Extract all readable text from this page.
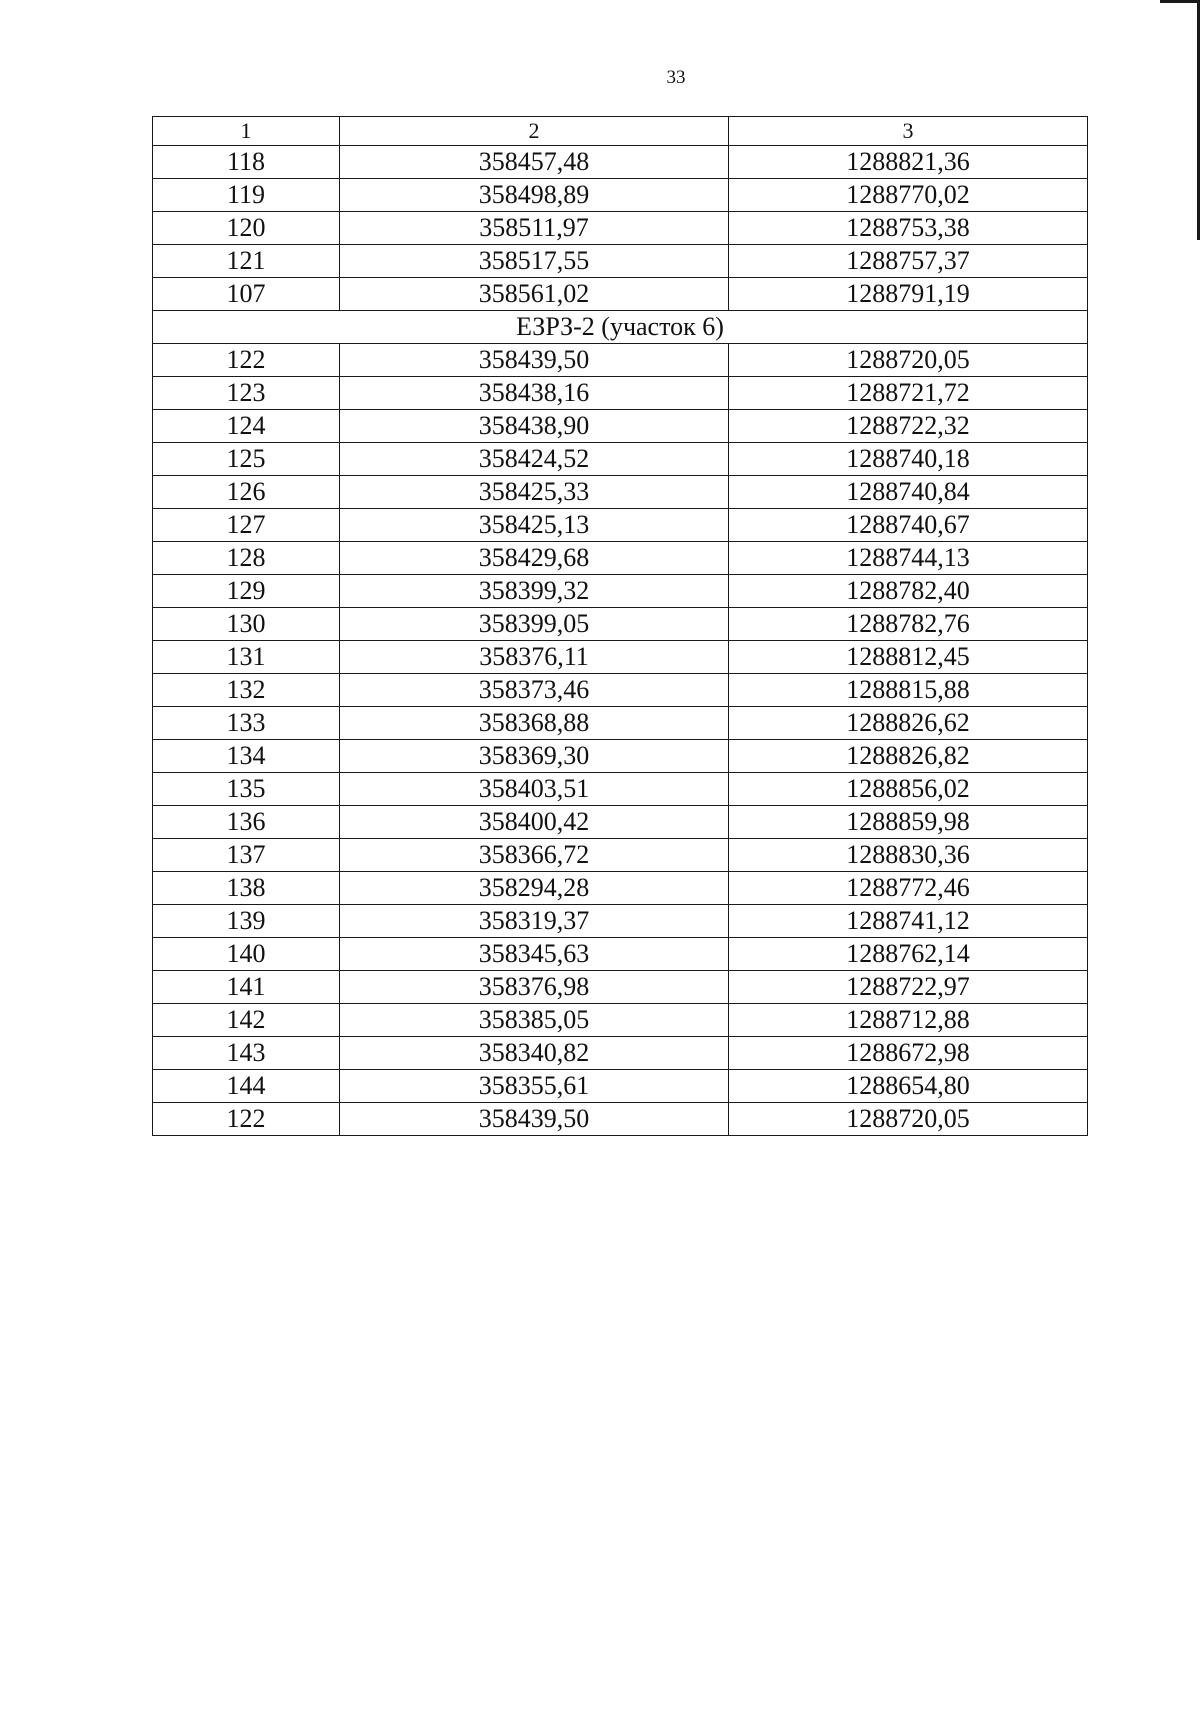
33
1	2	3
118	358457,48	1288821,36
119	358498,89	1288770,02
120	358511,97	1288753,38
121	358517,55	1288757,37
107	358561,02	1288791,19
ЕЗРЗ-2 (участок 6)		
122	358439,50	1288720,05
123	358438,16	1288721,72
124	358438,90	1288722,32
125	358424,52	1288740,18
126	358425,33	1288740,84
127	358425,13	1288740,67
128	358429,68	1288744,13
129	358399,32	1288782,40
130	358399,05	1288782,76
131	358376,11	1288812,45
132	358373,46	1288815,88
133	358368,88	1288826,62
134	358369,30	1288826,82
135	358403,51	1288856,02
136	358400,42	1288859,98
137	358366,72	1288830,36
138	358294,28	1288772,46
139	358319,37	1288741,12
140	358345,63	1288762,14
141	358376,98	1288722,97
142	358385,05	1288712,88
143	358340,82	1288672,98
144	358355,61	1288654,80
122	358439,50	1288720,05
